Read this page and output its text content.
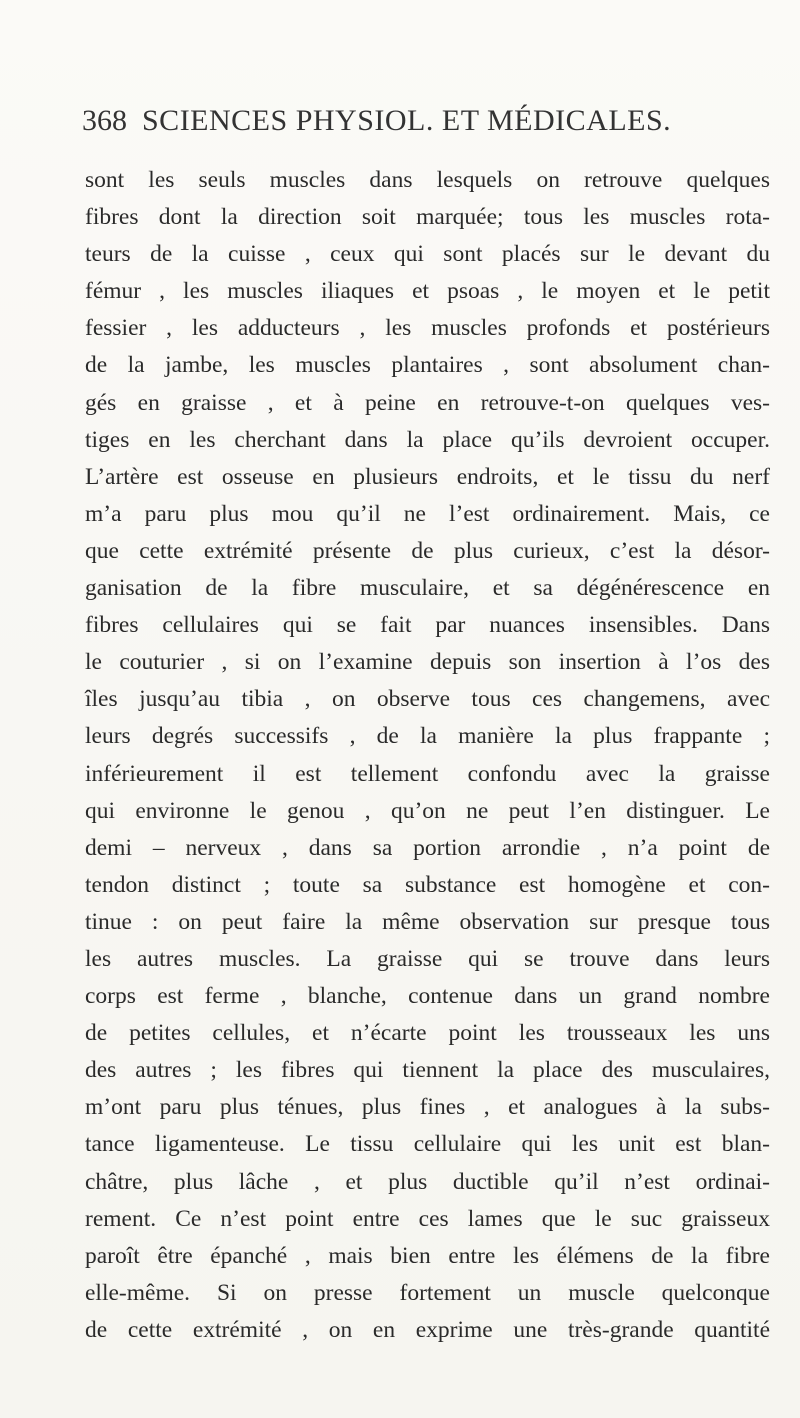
368 SCIENCES PHYSIOL. ET MÉDICALES.
sont les seuls muscles dans lesquels on retrouve quelques
fibres dont la direction soit marquée; tous les muscles rota-
teurs de la cuisse , ceux qui sont placés sur le devant du
fémur , les muscles iliaques et psoas , le moyen et le petit
fessier , les adducteurs , les muscles profonds et postérieurs
de la jambe, les muscles plantaires , sont absolument chan-
gés en graisse , et à peine en retrouve-t-on quelques ves-
tiges en les cherchant dans la place qu’ils devroient occuper.
L’artère est osseuse en plusieurs endroits, et le tissu du nerf
m’a paru plus mou qu’il ne l’est ordinairement. Mais, ce
que cette extrémité présente de plus curieux, c’est la désor-
ganisation de la fibre musculaire, et sa dégénérescence en
fibres cellulaires qui se fait par nuances insensibles. Dans
le couturier , si on l’examine depuis son insertion à l’os des
îles jusqu’au tibia , on observe tous ces changemens, avec
leurs degrés successifs , de la manière la plus frappante ;
inférieurement il est tellement confondu avec la graisse
qui environne le genou , qu’on ne peut l’en distinguer. Le
demi – nerveux , dans sa portion arrondie , n’a point de
tendon distinct ; toute sa substance est homogène et con-
tinue : on peut faire la même observation sur presque tous
les autres muscles. La graisse qui se trouve dans leurs
corps est ferme , blanche, contenue dans un grand nombre
de petites cellules, et n’écarte point les trousseaux les uns
des autres ; les fibres qui tiennent la place des musculaires,
m’ont paru plus ténues, plus fines , et analogues à la subs-
tance ligamenteuse. Le tissu cellulaire qui les unit est blan-
châtre, plus lâche , et plus ductible qu’il n’est ordinai-
rement. Ce n’est point entre ces lames que le suc graisseux
paroît être épanché , mais bien entre les élémens de la fibre
elle-même. Si on presse fortement un muscle quelconque
de cette extrémité , on en exprime une très-grande quantité
